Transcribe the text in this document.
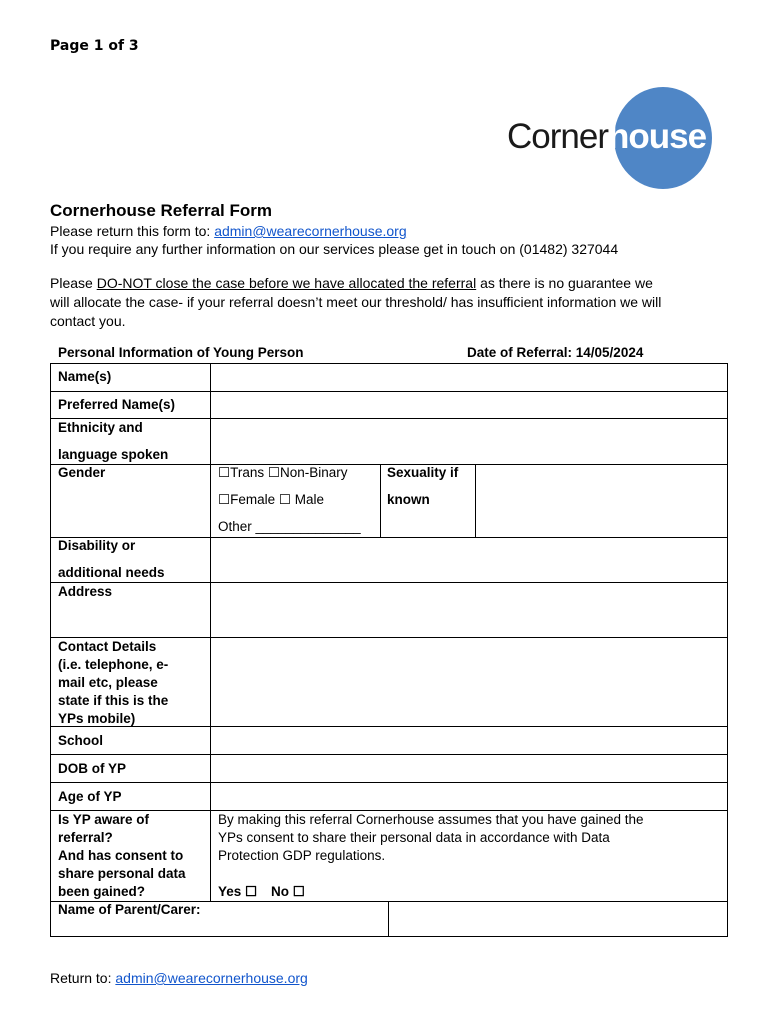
Page 1 of 3
Cornerhouse
Cornerhouse Referral Form
Please return this form to: admin@wearecornerhouse.org
If you require any further information on our services please get in touch on (01482) 327044
Please DO-NOT close the case before we have allocated the referral as there is no guarantee we
will allocate the case- if your referral doesn’t meet our threshold/ has insufficient information we will
contact you.
Personal Information of Young Person	Date of Referral: 14/05/2024
Name(s)
Preferred Name(s)
Ethnicity and
language spoken
Gender	☐Trans ☐Non-Binary
☐Female ☐ Male
Other ______________
Sexuality if
known
Disability or
additional needs
Address
Contact Details
(i.e. telephone, e-
mail etc, please
state if this is the
YPs mobile)
School
DOB of YP
Age of YP
Is YP aware of
referral?
And has consent to
share personal data
been gained?
By making this referral Cornerhouse assumes that you have gained the
YPs consent to share their personal data in accordance with Data
Protection GDP regulations.
Yes ☐ No ☐
Name of Parent/Carer:
Return to: admin@wearecornerhouse.org
